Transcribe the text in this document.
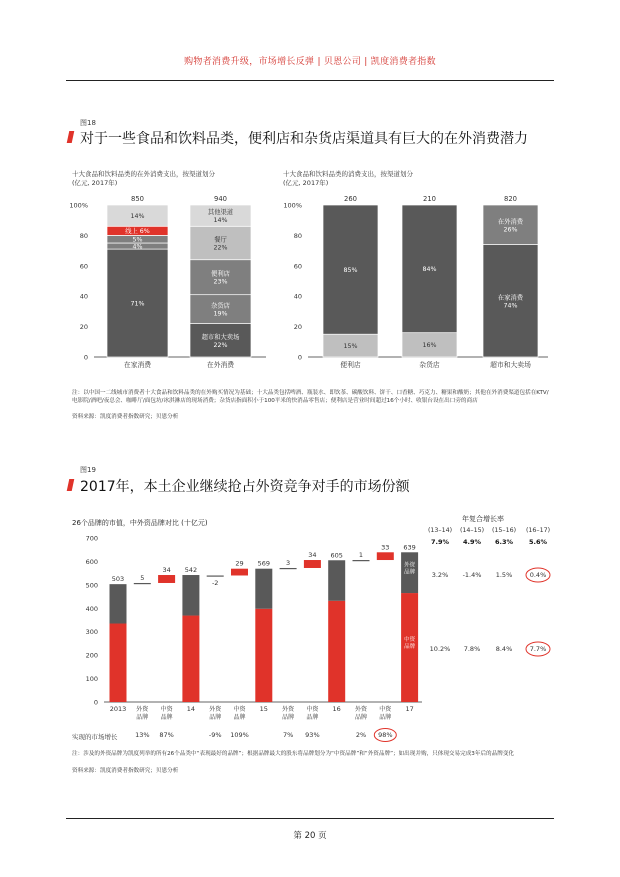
购物者消费升级，市场增长反弹 | 贝恩公司 | 凯度消费者指数
图18
对于一些食品和饮料品类，便利店和杂货店渠道具有巨大的在外消费潜力
十大食品和饮料品类的在外消费支出，按渠道划分
(亿元, 2017年)
十大食品和饮料品类的消费支出，按渠道划分
(亿元, 2017年)
0
20
40
60
80
100%
71%
4%
5%
线上 6%
14%
850
在家消费
超市和大卖场
22%
杂货店
19%
便利店
23%
餐厅
22%
其他渠道
14%
940
在外消费
0
20
40
60
80
100%
15%
85%
260
便利店
16%
84%
210
杂货店
在家消费
74%
在外消费
26%
820
超市和大卖场
注：以中国一二线城市消费者十大食品和饮料品类的在外购买情况为基础；十大品类包括啤酒、瓶装水、即饮茶、碳酸饮料、饼干、口香糖、巧克力、糖果和酸奶；其他在外消费渠道包括在KTV/电影院/酒吧/夜总会、咖啡厅/面包坊/冰淇淋店的现场消费；杂货店指面积小于100平米的快消品零售店；便利店是营业时间超过16个小时、收银台设在出口旁的商店
资料来源：凯度消费者指数研究；贝恩分析
图19
2017年，本土企业继续抢占外资竞争对手的市场份额
26个品牌的市值，中外资品牌对比 (十亿元)
0
100
200
300
400
500
600
700
503
2013
5
外资
品牌
34
中资
品牌
542
14
-2
外资
品牌
29
中资
品牌
569
15
3
外资
品牌
34
中资
品牌
605
16
1
外资
品牌
33
中资
品牌
639
外资
品牌
中资
品牌
17
13% 87%	-9% 109%	7% 93%	2% 98%
年复合增长率
(13–14) (14–15) (15–16) (16–17)
7.9% 4.9% 6.3% 5.6%
3.2% -1.4% 1.5%	0.4%
10.2% 7.8% 8.4%	7.7%
实现的市场增长
注：涉及的外资品牌为凯度列举的所有26个品类中“表现最好的品牌”；根据品牌最大的股东将品牌划分为“中资品牌”和“外资品牌”；如出现并购，只体现交易完成3年后的品牌变化
资料来源：凯度消费者指数研究；贝恩分析
第 20 页
